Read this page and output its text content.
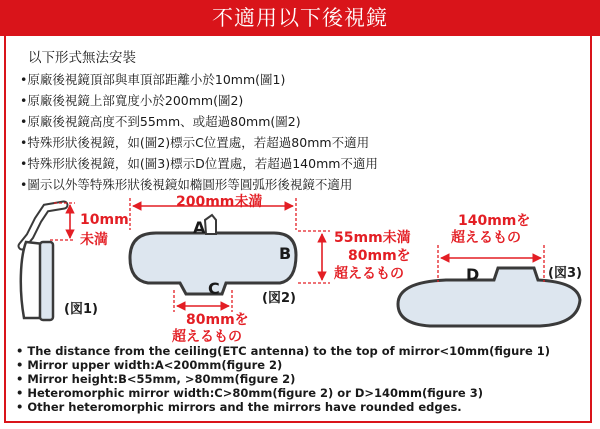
不適用以下後視鏡
以下形式無法安裝
•原廠後視鏡頂部與車頂部距離小於10mm(圖1)
•原廠後視鏡上部寬度小於200mm(圖2)
•原廠後視鏡高度不到55mm、或超過80mm(圖2)
•特殊形狀後視鏡，如(圖2)標示C位置處，若超過80mm不適用
•特殊形狀後視鏡，如(圖3)標示D位置處，若超過140mm不適用
•圖示以外等特殊形狀後視鏡如橢圓形等圓弧形後視鏡不適用
10mm
未満
(図1)
200mm未満
A
B
C
55mm未満
80mmを
超えるもの
80mmを
超えるもの
(図2)
140mmを
超えるもの
D	(図3)
• The distance from the ceiling(ETC antenna) to the top of mirror<10mm(figure 1)
• Mirror upper width:A<200mm(figure 2)
• Mirror height:B<55mm, >80mm(figure 2)
• Heteromorphic mirror width:C>80mm(figure 2) or D>140mm(figure 3)
• Other heteromorphic mirrors and the mirrors have rounded edges.
